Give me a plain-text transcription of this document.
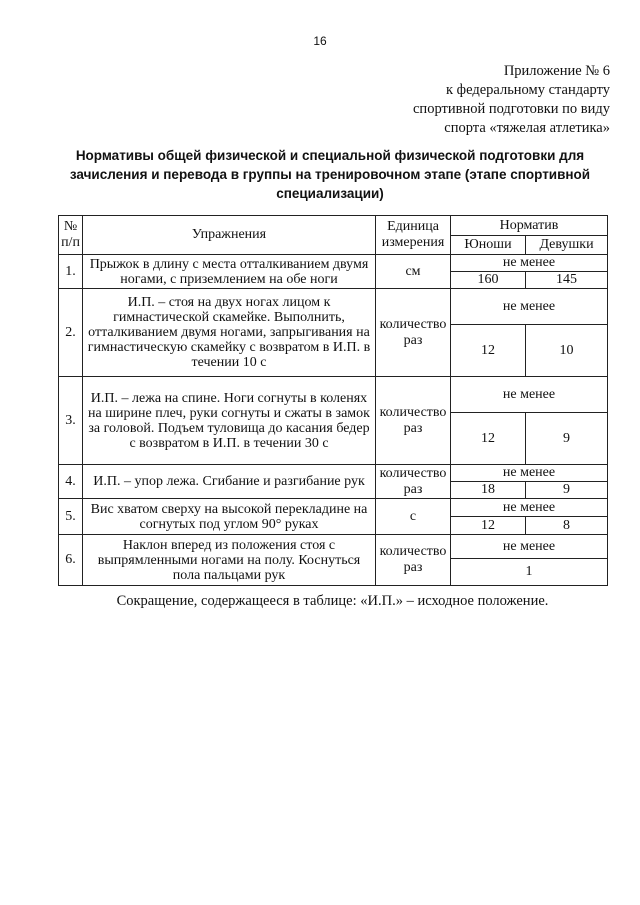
16
Приложение № 6
к федеральному стандарту
спортивной подготовки по виду
спорта «тяжелая атлетика»
Нормативы общей физической и специальной физической подготовки для
зачисления и перевода в группы на тренировочном этапе (этапе спортивной
специализации)
№ п/п	Упражнения	Единица измерения	Норматив	
			Юноши	Девушки
1.	Прыжок в длину с места отталкиванием двумя ногами, с приземлением на обе ноги	см	не менее	
			160	145
2.	И.П. – стоя на двух ногах лицом к гимнастической скамейке. Выполнить, отталкиванием двумя ногами, запрыгивания на гимнастическую скамейку с возвратом в И.П. в течении 10 с	количество раз	не менее	
			12	10
3.	И.П. – лежа на спине. Ноги согнуты в коленях на ширине плеч, руки согнуты и сжаты в замок за головой. Подъем туловища до касания бедер с возвратом в И.П. в течении 30 с	количество раз	не менее	
			12	9
4.	И.П. – упор лежа. Сгибание и разгибание рук	количество раз	не менее	
			18	9
5.	Вис хватом сверху на высокой перекладине на согнутых под углом 90° руках	с	не менее	
			12	8
6.	Наклон вперед из положения стоя с выпрямленными ногами на полу. Коснуться пола пальцами рук	количество раз	не менее	
			1	
Сокращение, содержащееся в таблице: «И.П.» – исходное положение.
